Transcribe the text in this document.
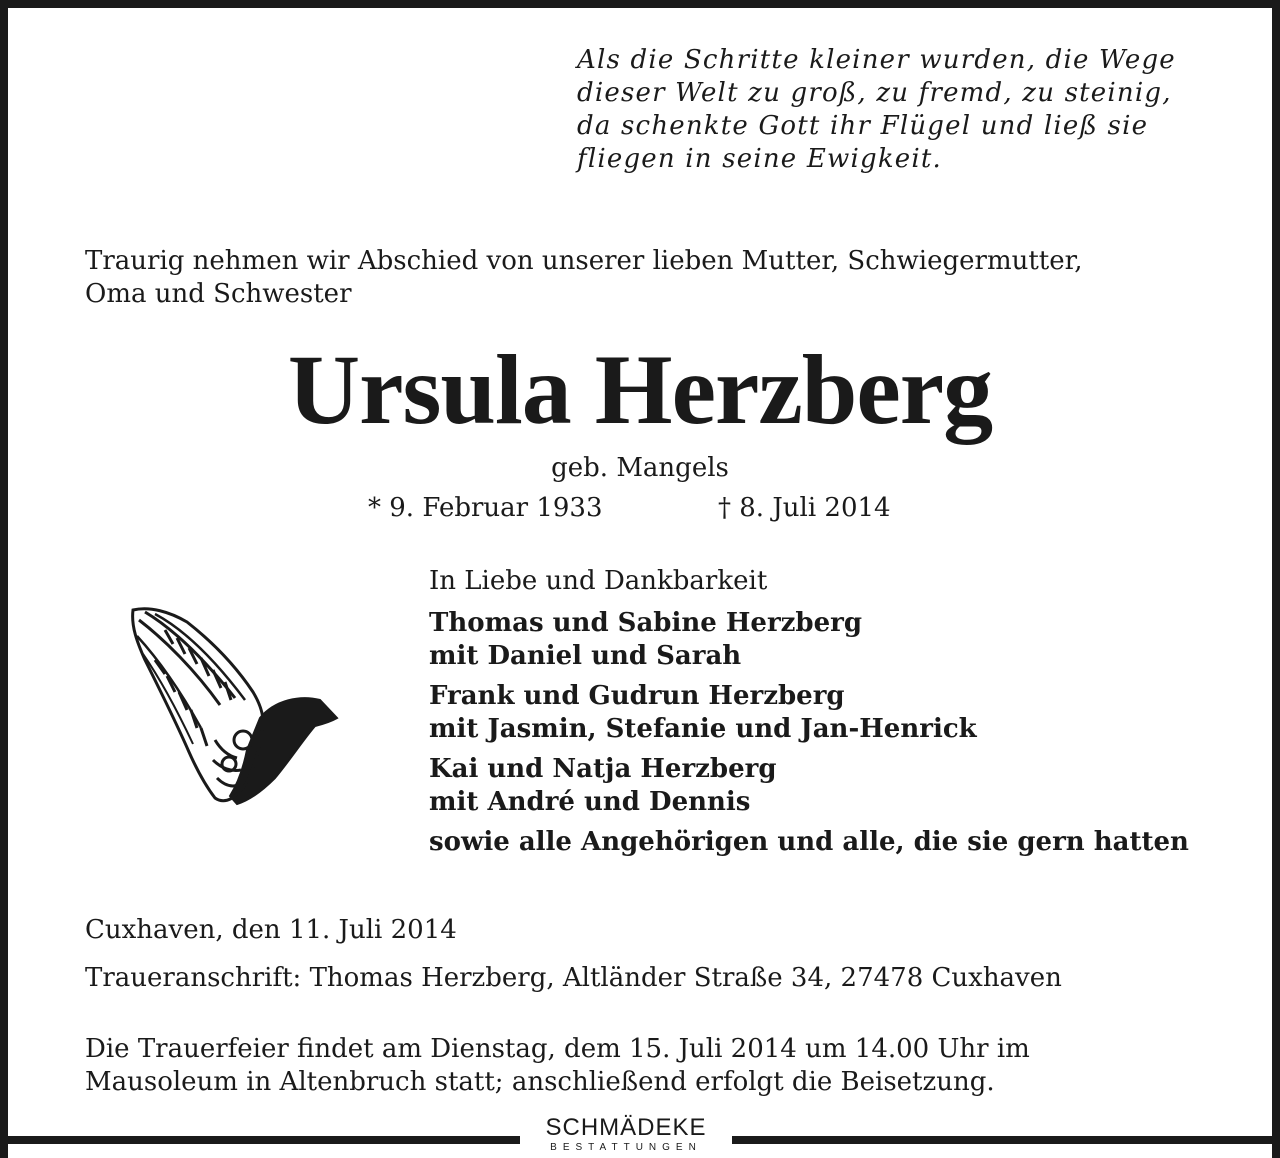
Als die Schritte kleiner wurden, die Wege
dieser Welt zu groß, zu fremd, zu steinig,
da schenkte Gott ihr Flügel und ließ sie
fliegen in seine Ewigkeit.
Traurig nehmen wir Abschied von unserer lieben Mutter, Schwiegermutter,
Oma und Schwester
Ursula Herzberg

geb. Mangels

* 9. Februar 1933	† 8. Juli 2014

In Liebe und Dankbarkeit

Thomas und Sabine Herzberg
mit Daniel und Sarah
Frank und Gudrun Herzberg
mit Jasmin, Stefanie und Jan-Henrick
Kai und Natja Herzberg
mit André und Dennis
sowie alle Angehörigen und alle, die sie gern hatten

Cuxhaven, den 11. Juli 2014

Traueranschrift: Thomas Herzberg, Altländer Straße 34, 27478 Cuxhaven

Die Trauerfeier findet am Dienstag, dem 15. Juli 2014 um 14.00 Uhr im
Mausoleum in Altenbruch statt; anschließend erfolgt die Beisetzung.
SCHMÄDEKE
BESTATTUNGEN
